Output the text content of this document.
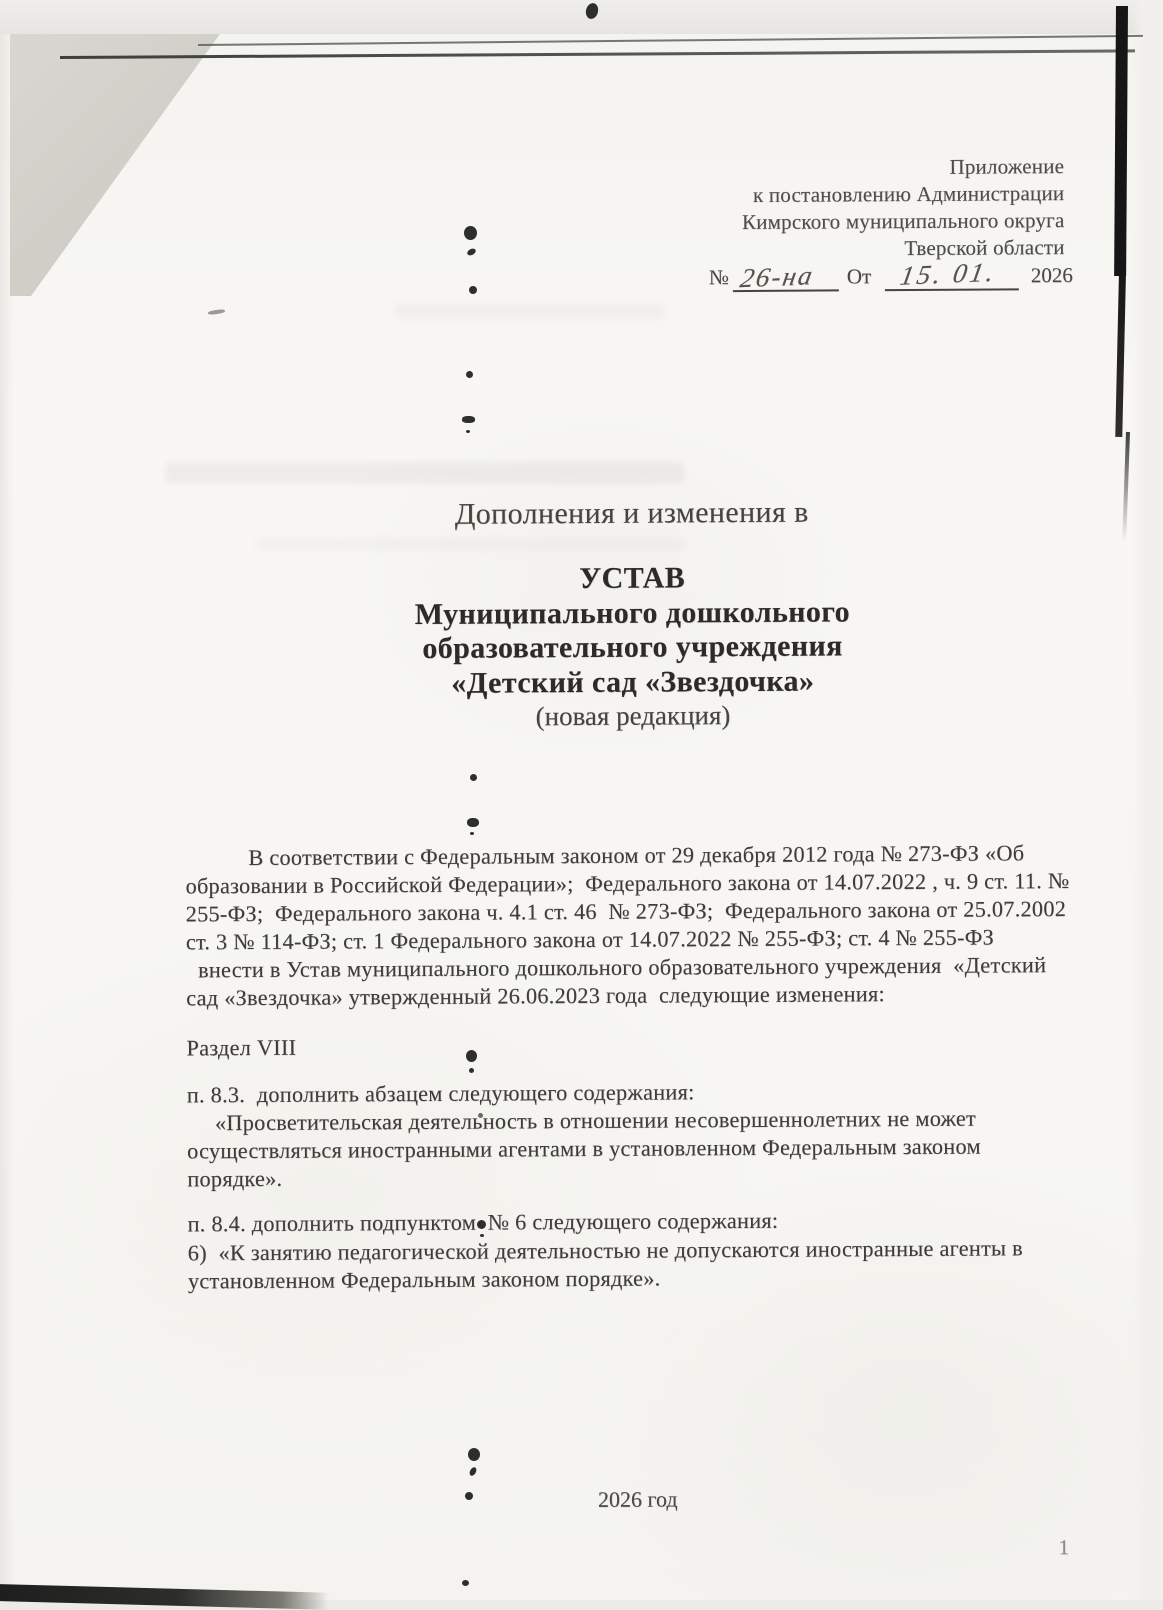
Приложение
к постановлению Администрации
Кимрского муниципального округа
Тверской области
№ 26-на От 15. 01. 2026
Дополнения и изменения в
УСТАВ
Муниципального дошкольного
образовательного учреждения
«Детский сад «Звездочка»
(новая редакция)
В соответствии с Федеральным законом от 29 декабря 2012 года № 273-ФЗ «Об
образовании в Российской Федерации»;  Федерального закона от 14.07.2022 , ч. 9 ст. 11. №
255-ФЗ;  Федерального закона ч. 4.1 ст. 46  № 273-ФЗ;  Федерального закона от 25.07.2002
ст. 3 № 114-ФЗ; ст. 1 Федерального закона от 14.07.2022 № 255-ФЗ; ст. 4 № 255-ФЗ
внести в Устав муниципального дошкольного образовательного учреждения  «Детский
сад «Звездочка» утвержденный 26.06.2023 года  следующие изменения:
Раздел VIII
п. 8.3.  дополнить абзацем следующего содержания:
«Просветительская деятельность в отношении несовершеннолетних не может
осуществляться иностранными агентами в установленном Федеральным законом
порядке».
п. 8.4. дополнить подпунктом  № 6 следующего содержания:
6)  «К занятию педагогической деятельностью не допускаются иностранные агенты в
установленном Федеральным законом порядке».
2026 год
1
